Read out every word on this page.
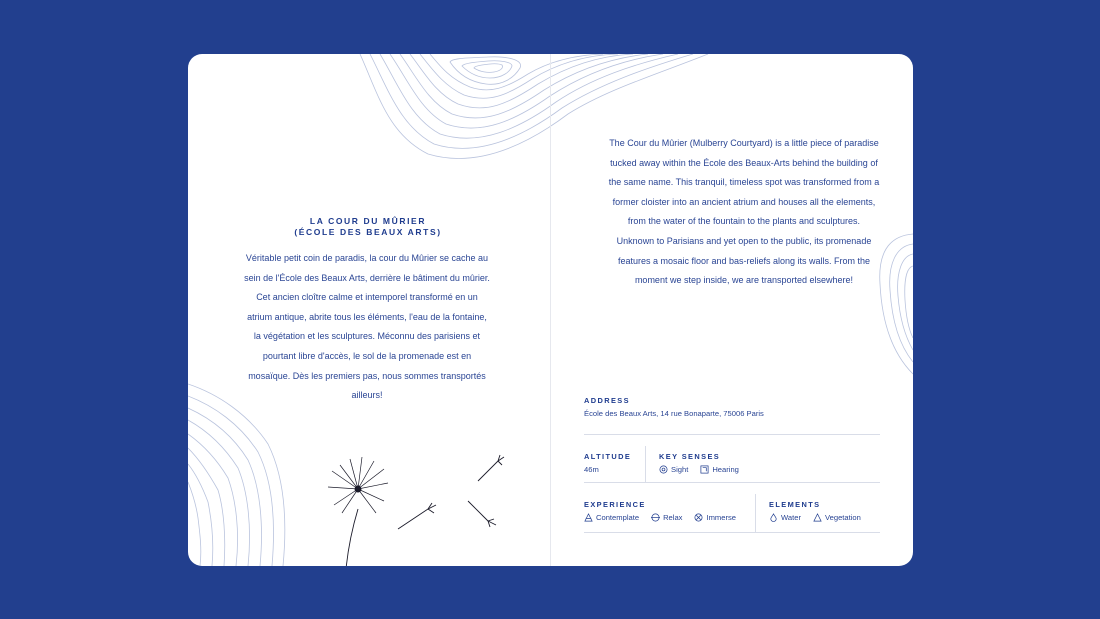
LA COUR DU MÛRIER
(ÉCOLE DES BEAUX ARTS)
Véritable petit coin de paradis, la cour du Mûrier se cache au sein de l'École des Beaux Arts, derrière le bâtiment du mûrier. Cet ancien cloître calme et intemporel transformé en un atrium antique, abrite tous les éléments, l'eau de la fontaine, la végétation et les sculptures. Méconnu des parisiens et pourtant libre d'accès, le sol de la promenade est en mosaïque. Dès les premiers pas, nous sommes transportés ailleurs!
The Cour du Mûrier (Mulberry Courtyard) is a little piece of paradise tucked away within the École des Beaux-Arts behind the building of the same name. This tranquil, timeless spot was transformed from a former cloister into an ancient atrium and houses all the elements, from the water of the fountain to the plants and sculptures. Unknown to Parisians and yet open to the public, its promenade features a mosaic floor and bas-reliefs along its walls. From the moment we step inside, we are transported elsewhere!
ADDRESS
École des Beaux Arts, 14 rue Bonaparte, 75006 Paris
ALTITUDE
46m
KEY SENSES
Sight	Hearing
EXPERIENCE
Contemplate	Relax	Immerse
ELEMENTS
Water	Vegetation
